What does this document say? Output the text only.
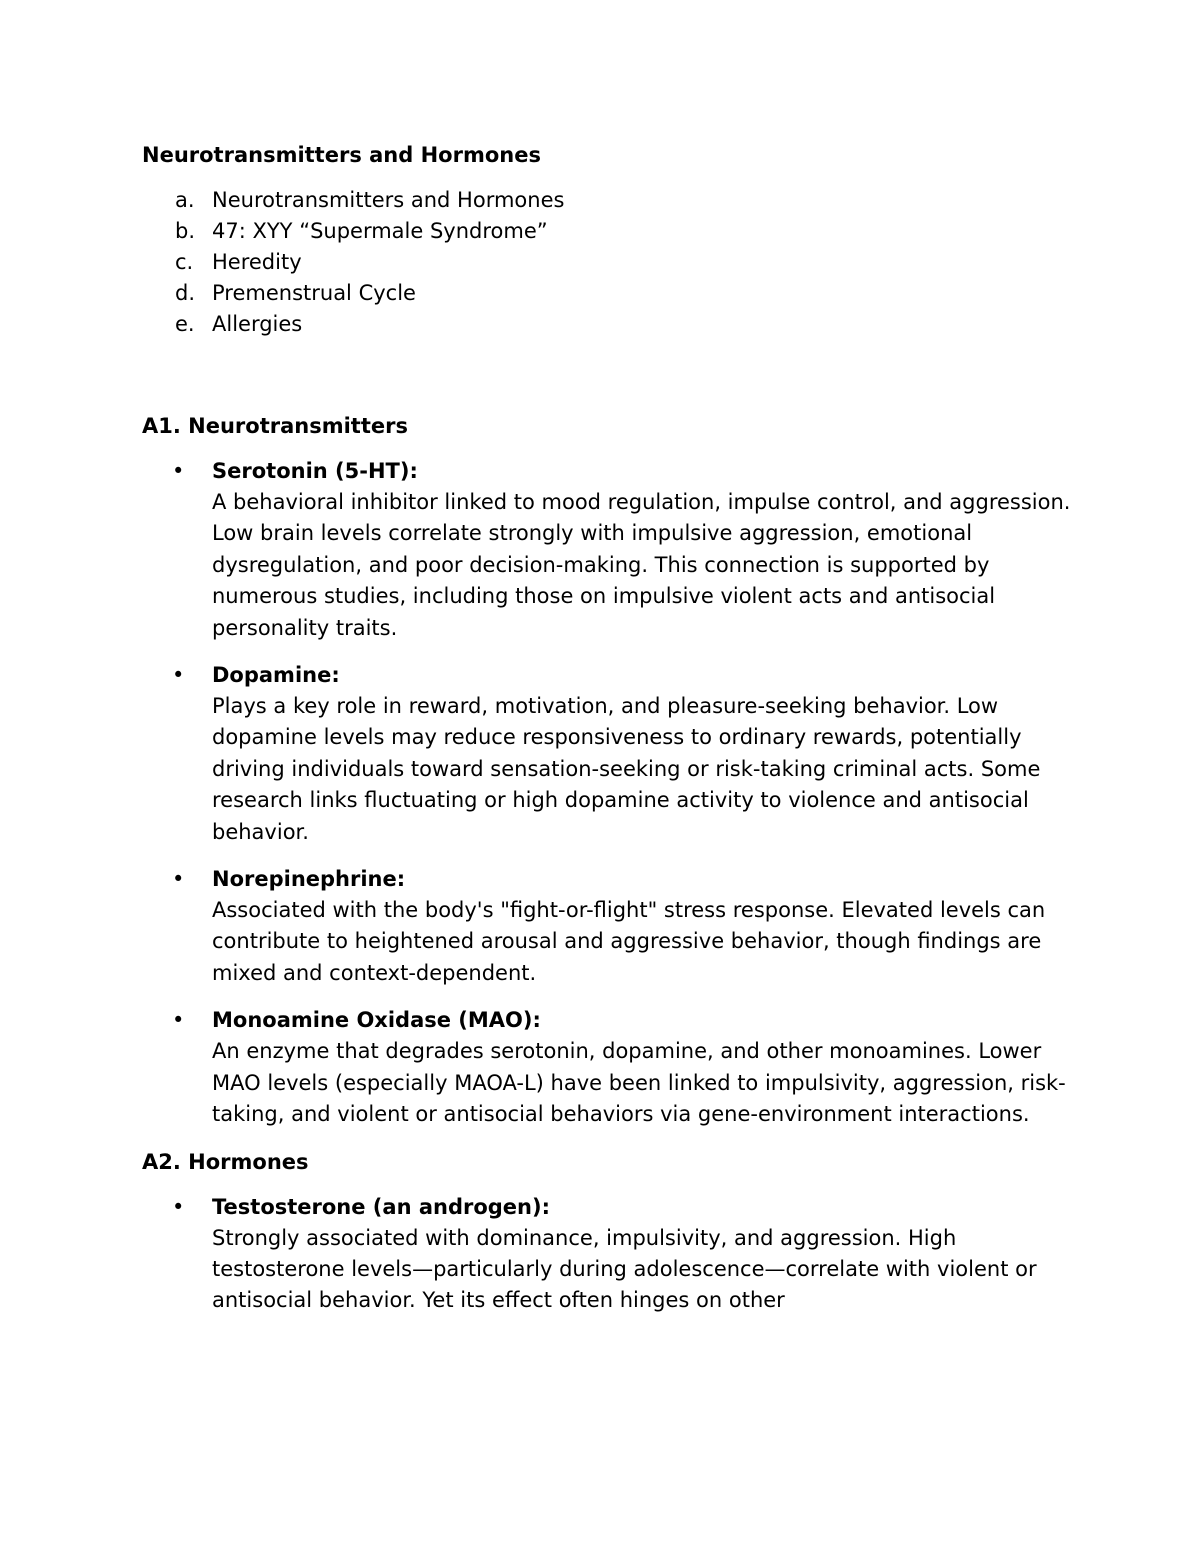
Neurotransmitters and Hormones
a. Neurotransmitters and Hormones
b. 47: XYY “Supermale Syndrome”
c. Heredity
d. Premenstrual Cycle
e. Allergies
A1. Neurotransmitters
• Serotonin (5-HT):
A behavioral inhibitor linked to mood regulation, impulse control, and aggression. Low brain levels correlate strongly with impulsive aggression, emotional dysregulation, and poor decision-making. This connection is supported by numerous studies, including those on impulsive violent acts and antisocial personality traits.
• Dopamine:
Plays a key role in reward, motivation, and pleasure-seeking behavior. Low dopamine levels may reduce responsiveness to ordinary rewards, potentially driving individuals toward sensation-seeking or risk-taking criminal acts. Some research links fluctuating or high dopamine activity to violence and antisocial behavior.
• Norepinephrine:
Associated with the body's "fight-or-flight" stress response. Elevated levels can contribute to heightened arousal and aggressive behavior, though findings are mixed and context-dependent.
• Monoamine Oxidase (MAO):
An enzyme that degrades serotonin, dopamine, and other monoamines. Lower MAO levels (especially MAOA-L) have been linked to impulsivity, aggression, risk-taking, and violent or antisocial behaviors via gene-environment interactions.
A2. Hormones
• Testosterone (an androgen):
Strongly associated with dominance, impulsivity, and aggression. High testosterone levels—particularly during adolescence—correlate with violent or antisocial behavior. Yet its effect often hinges on other
